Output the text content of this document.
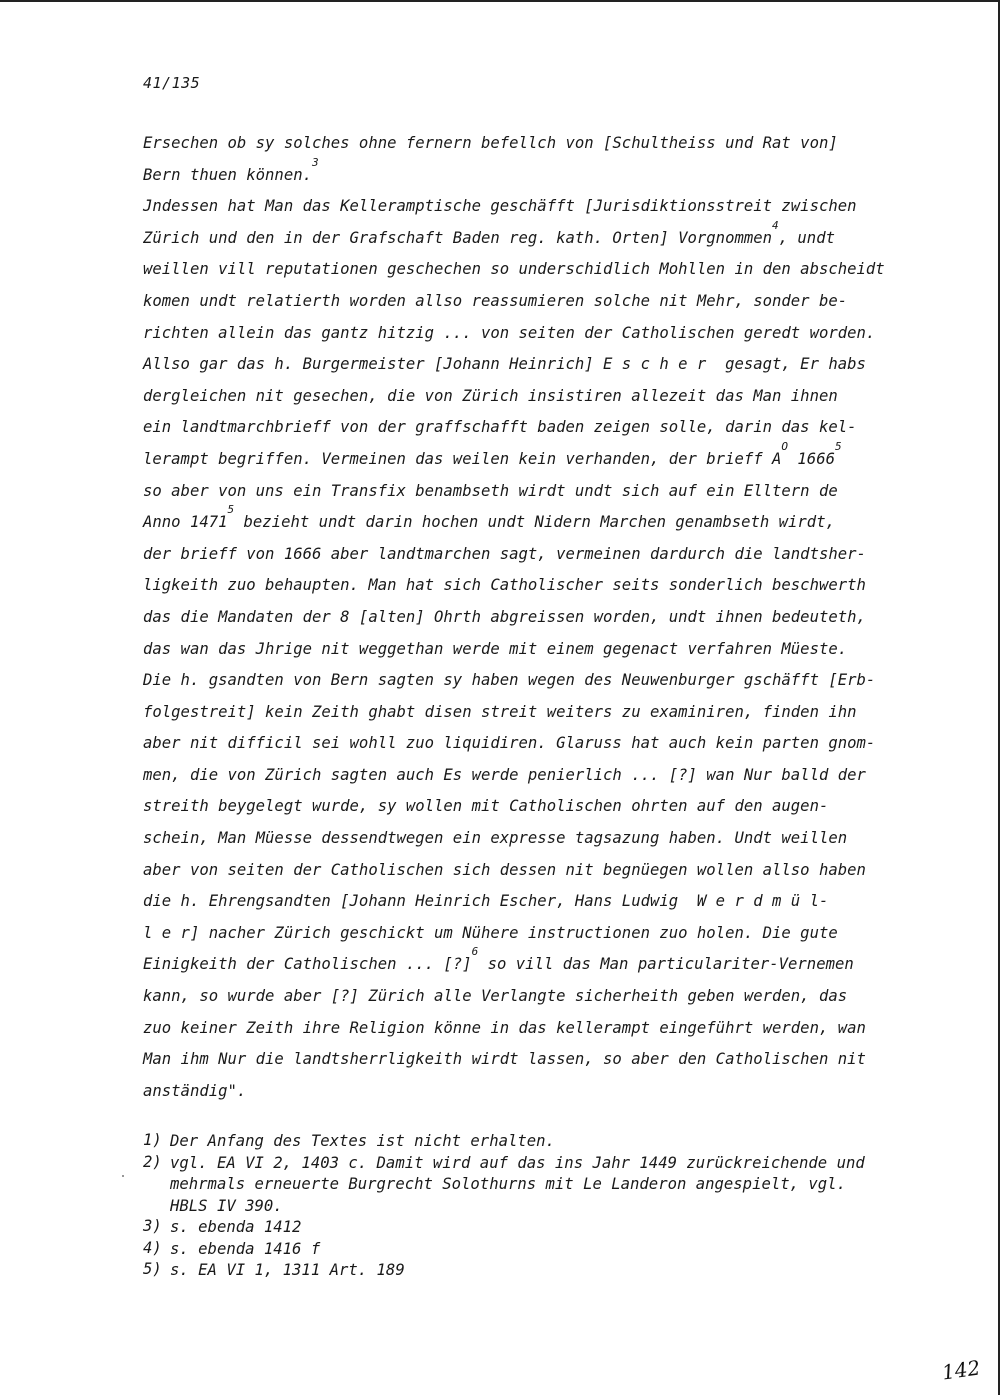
41/135
Ersechen ob sy solches ohne fernern befellch von [Schultheiss und Rat von]
Bern thuen können.$^3$
Jndessen hat Man das Kelleramptische geschäfft [Jurisdiktionsstreit zwischen
Zürich und den in der Grafschaft Baden reg. kath. Orten] Vorgnommen$^4$, undt
weillen vill reputationen geschechen so underschidlich Mohllen in den abscheidt
komen undt relatierth worden allso reassumieren solche nit Mehr, sonder be-
richten allein das gantz hitzig ... von seiten der Catholischen geredt worden.
Allso gar das h. Burgermeister [Johann Heinrich] E s c h e r  gesagt, Er habs
dergleichen nit gesechen, die von Zürich insistiren allezeit das Man ihnen
ein landtmarchbrieff von der graffschafft baden zeigen solle, darin das kel-
lerampt begriffen. Vermeinen das weilen kein verhanden, der brieff $A^O$ 1666$^5$
so aber von uns ein Transfix benambseth wirdt undt sich auf ein Elltern de
Anno 1471$^5$ bezieht undt darin hochen undt Nidern Marchen genambseth wirdt,
der brieff von 1666 aber landtmarchen sagt, vermeinen dardurch die landtsher-
ligkeith zuo behaupten. Man hat sich Catholischer seits sonderlich beschwerth
das die Mandaten der 8 [alten] Ohrth abgreissen worden, undt ihnen bedeuteth,
das wan das Jhrige nit weggethan werde mit einem gegenact verfahren Müeste.
Die h. gsandten von Bern sagten sy haben wegen des Neuwenburger gschäfft [Erb-
folgestreit] kein Zeith ghabt disen streit weiters zu examiniren, finden ihn
aber nit difficil sei wohll zuo liquidiren. Glaruss hat auch kein parten gnom-
men, die von Zürich sagten auch Es werde penierlich ... [?] wan Nur balld der
streith beygelegt wurde, sy wollen mit Catholischen ohrten auf den augen-
schein, Man Müesse dessendtwegen ein expresse tagsazung haben. Undt weillen
aber von seiten der Catholischen sich dessen nit begnüegen wollen allso haben
die h. Ehrengsandten [Johann Heinrich Escher, Hans Ludwig  W e r d m ü l-
l e r] nacher Zürich geschickt um Nühere instructionen zuo holen. Die gute
Einigkeith der Catholischen ... [?]$^6$ so vill das Man particulariter-Vernemen
kann, so wurde aber [?] Zürich alle Verlangte sicherheith geben werden, das
zuo keiner Zeith ihre Religion könne in das kellerampt eingeführt werden, wan
Man ihm Nur die landtsherrligkeith wirdt lassen, so aber den Catholischen nit
anständig".
1) Der Anfang des Textes ist nicht erhalten.
2) vgl. EA VI 2, 1403 c. Damit wird auf das ins Jahr 1449 zurückreichende und
mehrmals erneuerte Burgrecht Solothurns mit Le Landeron angespielt, vgl.
HBLS IV 390.
3) s. ebenda 1412
4) s. ebenda 1416 f
5) s. EA VI 1, 1311 Art. 189
142
